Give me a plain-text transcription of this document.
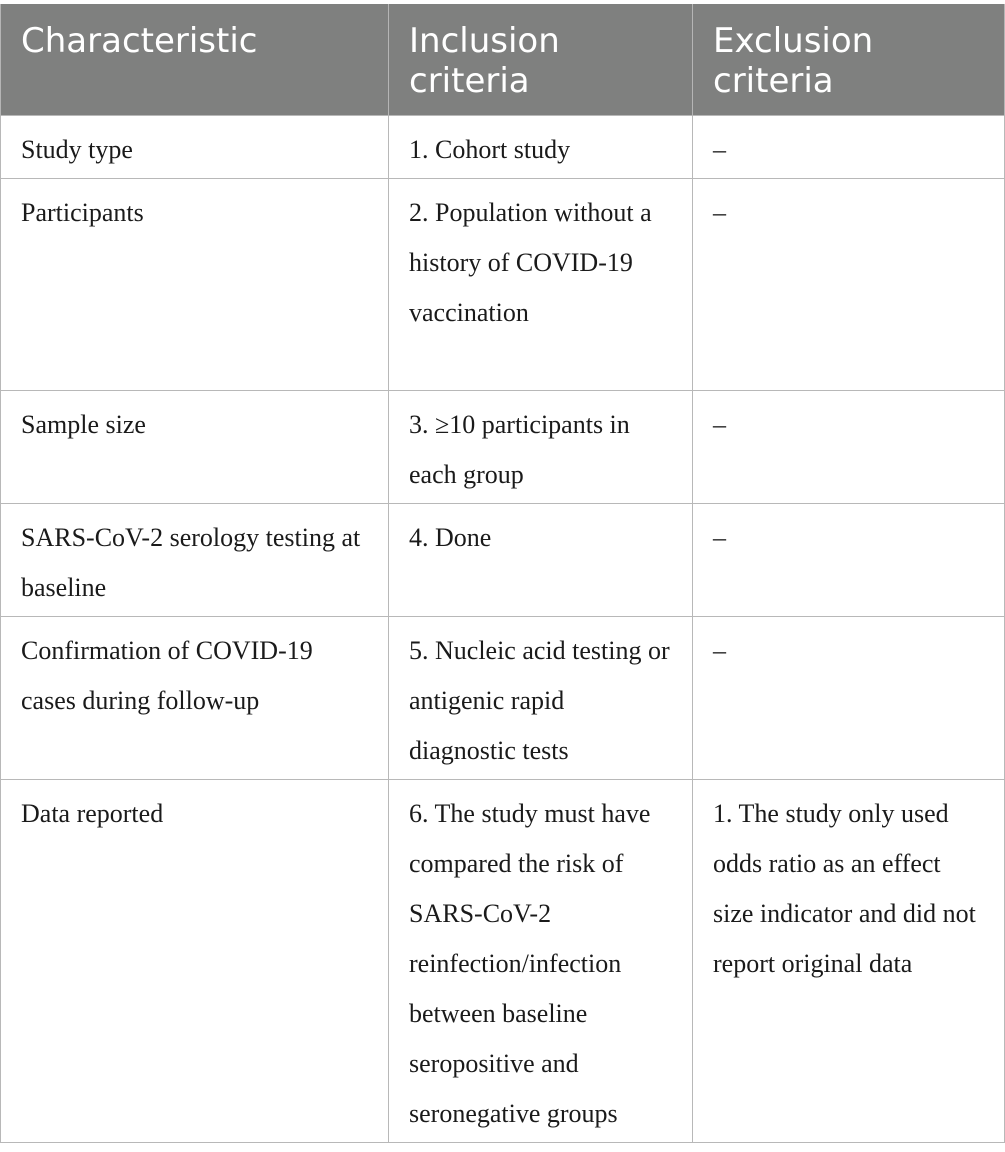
Characteristic	Inclusion criteria	Exclusion criteria
Study type	1. Cohort study	–
Participants	2. Population without a history of COVID-19 vaccination	–
Sample size	3. ≥10 participants in each group	–
SARS-CoV-2 serology testing at baseline	4. Done	–
Confirmation of COVID-19 cases during follow-up	5. Nucleic acid testing or antigenic rapid diagnostic tests	–
Data reported	6. The study must have compared the risk of SARS-CoV-2 reinfection/infection between baseline seropositive and seronegative groups	1. The study only used odds ratio as an effect size indicator and did not report original data
